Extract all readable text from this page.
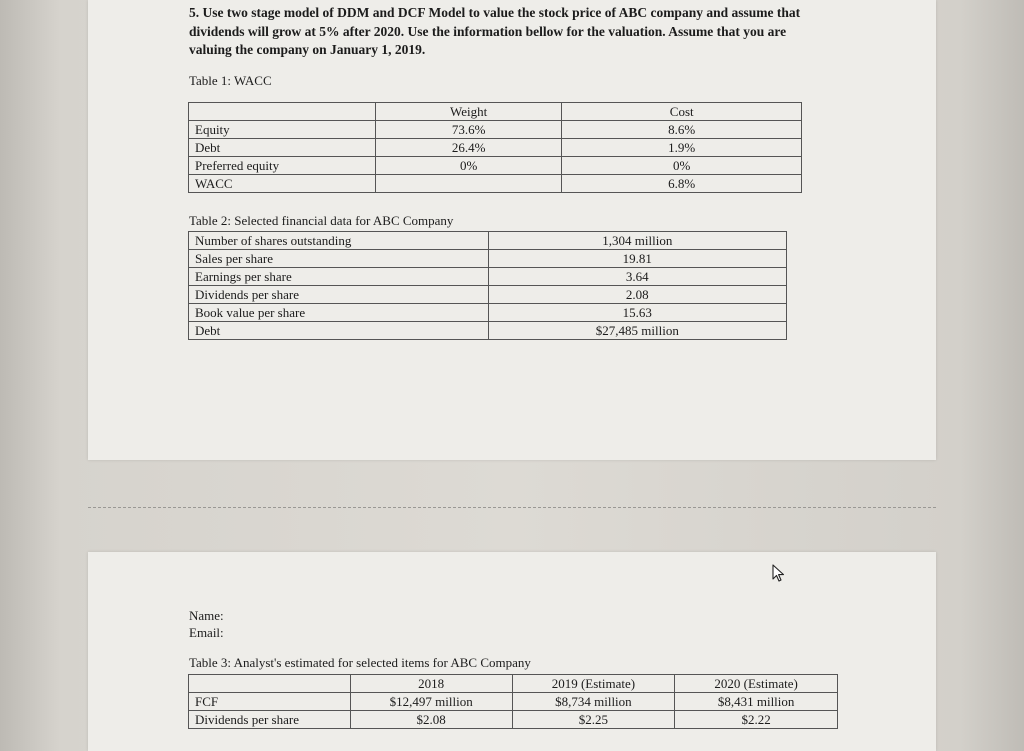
5. Use two stage model of DDM and DCF Model to value the stock price of ABC company and assume that dividends will grow at 5% after 2020. Use the information bellow for the valuation. Assume that you are valuing the company on January 1, 2019.
Table 1: WACC
	Weight	Cost
Equity	73.6%	8.6%
Debt	26.4%	1.9%
Preferred equity	0%	0%
WACC		6.8%
Table 2: Selected financial data for ABC Company
Number of shares outstanding	1,304 million
Sales per share	19.81
Earnings per share	3.64
Dividends per share	2.08
Book value per share	15.63
Debt	$27,485 million
Name:
Email:
Table 3: Analyst's estimated for selected items for ABC Company
	2018	2019 (Estimate)	2020 (Estimate)
FCF	$12,497 million	$8,734 million	$8,431 million
Dividends per share	$2.08	$2.25	$2.22
